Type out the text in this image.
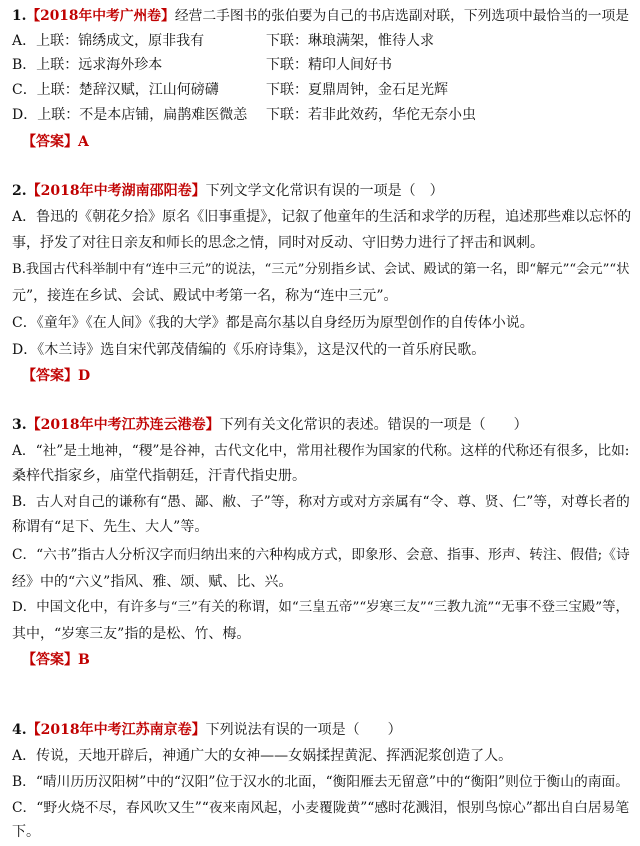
1.【2018年中考广州卷】经营二手图书的张伯要为自己的书店选副对联，下列选项中最恰当的一项是
A．上联：锦绣成文，原非我有	下联：琳琅满架，惟待人求
B．上联：远求海外珍本	下联：精印人间好书
C．上联：楚辞汉赋，江山何磅礴	下联：夏鼎周钟，金石足光辉
D．上联：不是本店铺，扁鹊难医微恙 下联：若非此效药，华佗无奈小虫
【答案】A
2.【2018年中考湖南邵阳卷】下列文学文化常识有误的一项是（　）
A．鲁迅的《朝花夕拾》原名《旧事重提》，记叙了他童年的生活和求学的历程，追述那些难以忘怀的
事，抒发了对往日亲友和师长的思念之情，同时对反动、守旧势力进行了抨击和讽刺。
B.我国古代科举制中有“连中三元”的说法，“三元”分别指乡试、会试、殿试的第一名，即“解元”“会元”“状
元”，接连在乡试、会试、殿试中考第一名，称为“连中三元”。
C．《童年》《在人间》《我的大学》都是高尔基以自身经历为原型创作的自传体小说。
D．《木兰诗》选自宋代郭茂倩编的《乐府诗集》，这是汉代的一首乐府民歌。
【答案】D
3.【2018年中考江苏连云港卷】下列有关文化常识的表述。错误的一项是（　　）
A．“社”是土地神，“稷”是谷神，古代文化中，常用社稷作为国家的代称。这样的代称还有很多，比如:
桑梓代指家乡，庙堂代指朝廷，汗青代指史册。
B．古人对自己的谦称有“愚、鄙、敝、子”等，称对方或对方亲属有“令、尊、贤、仁”等，对尊长者的
称谓有“足下、先生、大人”等。
C．“六书”指古人分析汉字而归纳出来的六种构成方式，即象形、会意、指事、形声、转注、假借;《诗
经》中的“六义”指风、雅、颂、赋、比、兴。
D．中国文化中，有许多与“三”有关的称谓，如“三皇五帝”“岁寒三友”“三教九流”“无事不登三宝殿”等，
其中，“岁寒三友”指的是松、竹、梅。
【答案】B
4.【2018年中考江苏南京卷】下列说法有误的一项是（　　）
A．传说，天地开辟后，神通广大的女神——女娲揉捏黄泥、挥洒泥浆创造了人。
B．“晴川历历汉阳树”中的“汉阳”位于汉水的北面，“衡阳雁去无留意”中的“衡阳”则位于衡山的南面。
C．“野火烧不尽，春风吹又生”“夜来南风起，小麦覆陇黄”“感时花溅泪，恨别鸟惊心”都出自白居易笔
下。
